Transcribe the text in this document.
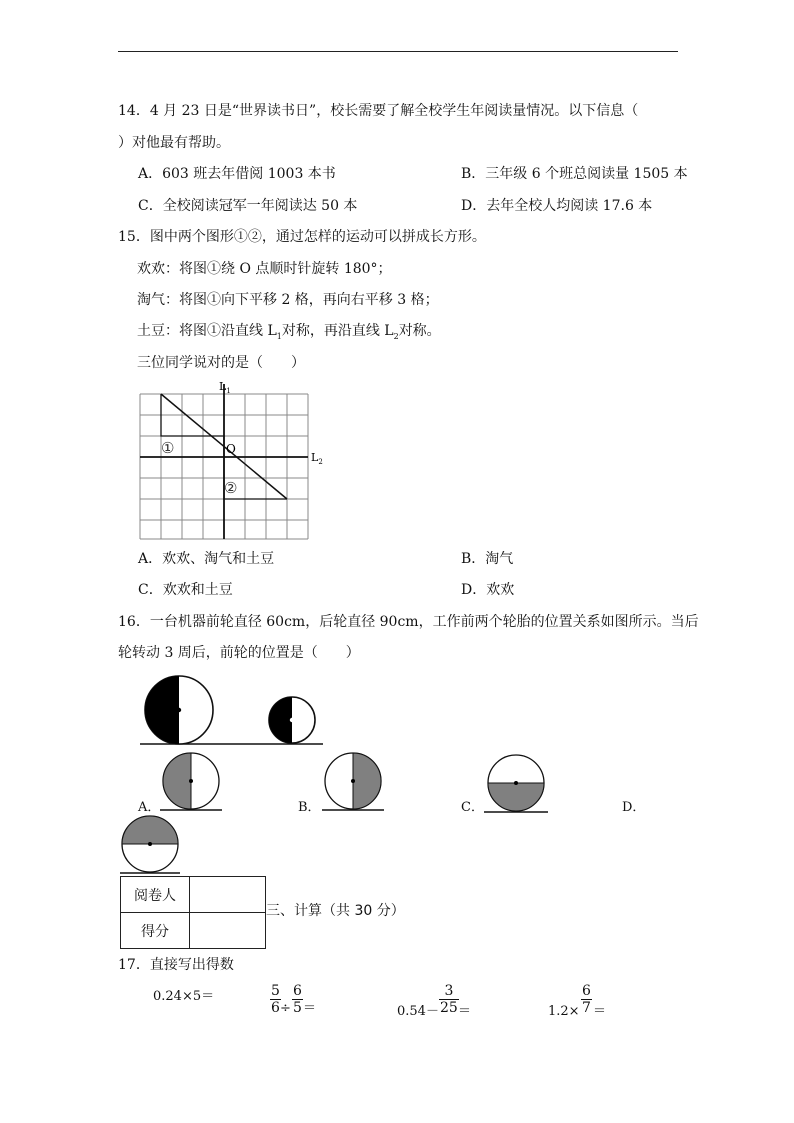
14．4 月 23 日是“世界读书日”，校长需要了解全校学生年阅读量情况。以下信息（
）对他最有帮助。
A．603 班去年借阅 1003 本书	B．三年级 6 个班总阅读量 1505 本
C．全校阅读冠军一年阅读达 50 本	D．去年全校人均阅读 17.6 本
15．图中两个图形①②，通过怎样的运动可以拼成长方形。
欢欢：将图①绕 O 点顺时针旋转 180°；
淘气：将图①向下平移 2 格，再向右平移 3 格；
土豆：将图①沿直线 $L_1$对称，再沿直线 $L_2$对称。
三位同学说对的是（　　）
$L_1$
$L_2$
O
①
②
A．欢欢、淘气和土豆	B．淘气
C．欢欢和土豆	D．欢欢
16．一台机器前轮直径 60cm，后轮直径 90cm，工作前两个轮胎的位置关系如图所示。当后
轮转动 3 周后，前轮的位置是（　　）
A．	B．	C．	D．
阅卷人	
得分	
三、计算（共 30 分）
17．直接写出得数
0.24×5＝	$\frac{5}{6} \div \frac{6}{5}$ ＝	$0.54- \frac{3}{25}$ ＝	$1.2\times \frac{6}{7}$ ＝
